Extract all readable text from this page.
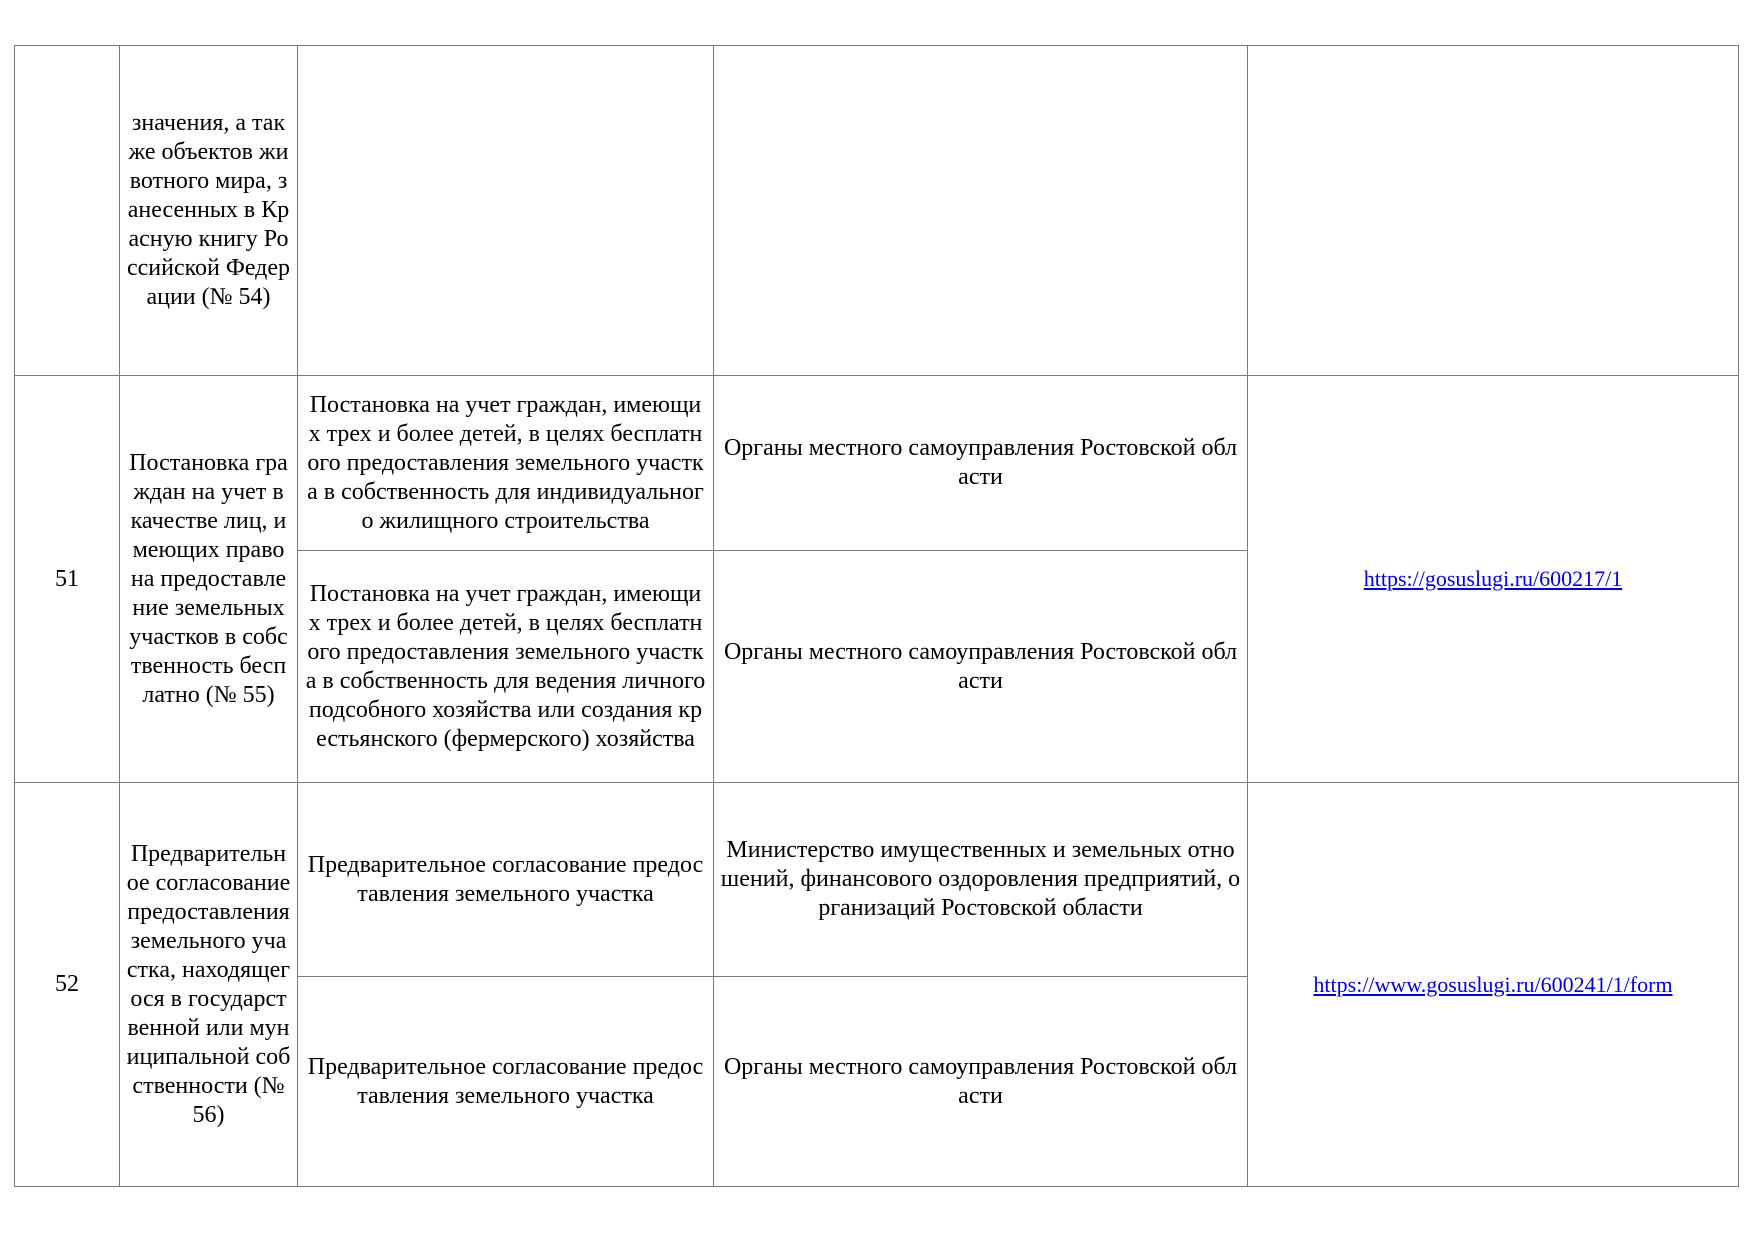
	значения, а также объектов животного мира, занесенных в Красную книгу Российской Федерации (№ 54)			
51	Постановка граждан на учет в качестве лиц, имеющих право на предоставление земельных участков в собственность бесплатно (№ 55)	Постановка на учет граждан, имеющих трех и более детей, в целях бесплатного предоставления земельного участка в собственность для индивидуального жилищного строительства	Органы местного самоуправления Ростовской области	https://gosuslugi.ru/600217/1
		Постановка на учет граждан, имеющих трех и более детей, в целях бесплатного предоставления земельного участка в собственность для ведения личного подсобного хозяйства или создания крестьянского (фермерского) хозяйства	Органы местного самоуправления Ростовской области	
52	Предварительное согласование предоставления земельного участка, находящегося в государственной или муниципальной собственности (№ 56)	Предварительное согласование предоставления земельного участка	Министерство имущественных и земельных отношений, финансового оздоровления предприятий, организаций Ростовской области	https://www.gosuslugi.ru/600241/1/form
		Предварительное согласование предоставления земельного участка	Органы местного самоуправления Ростовской области	
